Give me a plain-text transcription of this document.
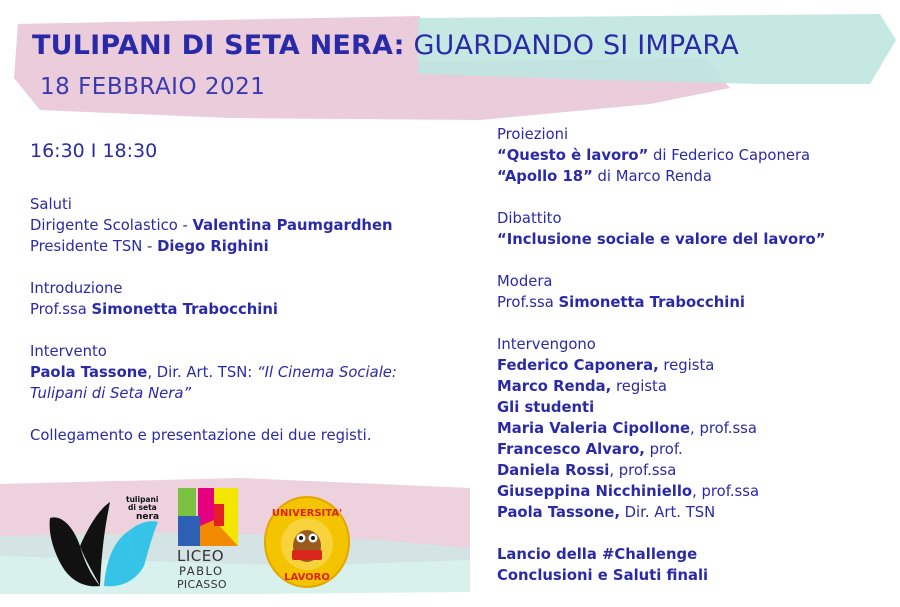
TULIPANI DI SETA NERA: GUARDANDO SI IMPARA
18 FEBBRAIO 2021
16:30 I 18:30

Saluti

Dirigente Scolastico - Valentina Paumgardhen

Presidente TSN - Diego Righini

Introduzione

Prof.ssa Simonetta Trabocchini

Intervento

Paola Tassone, Dir. Art. TSN: “Il Cinema Sociale:

Tulipani di Seta Nera”

Collegamento e presentazione dei due registi.

Proiezioni

“Questo è lavoro” di Federico Caponera

“Apollo 18” di Marco Renda

Dibattito

“Inclusione sociale e valore del lavoro”

Modera

Prof.ssa Simonetta Trabocchini

Intervengono

Federico Caponera, regista

Marco Renda, regista

Gli studenti

Maria Valeria Cipollone, prof.ssa

Francesco Alvaro, prof.

Daniela Rossi, prof.ssa

Giuseppina Nicchiniello, prof.ssa

Paola Tassone, Dir. Art. TSN

Lancio della #Challenge

Conclusioni e Saluti finali

tulipani
di seta
nera
LICEO
PABLO
PICASSO
UNIVERSITA'
LAVORO
